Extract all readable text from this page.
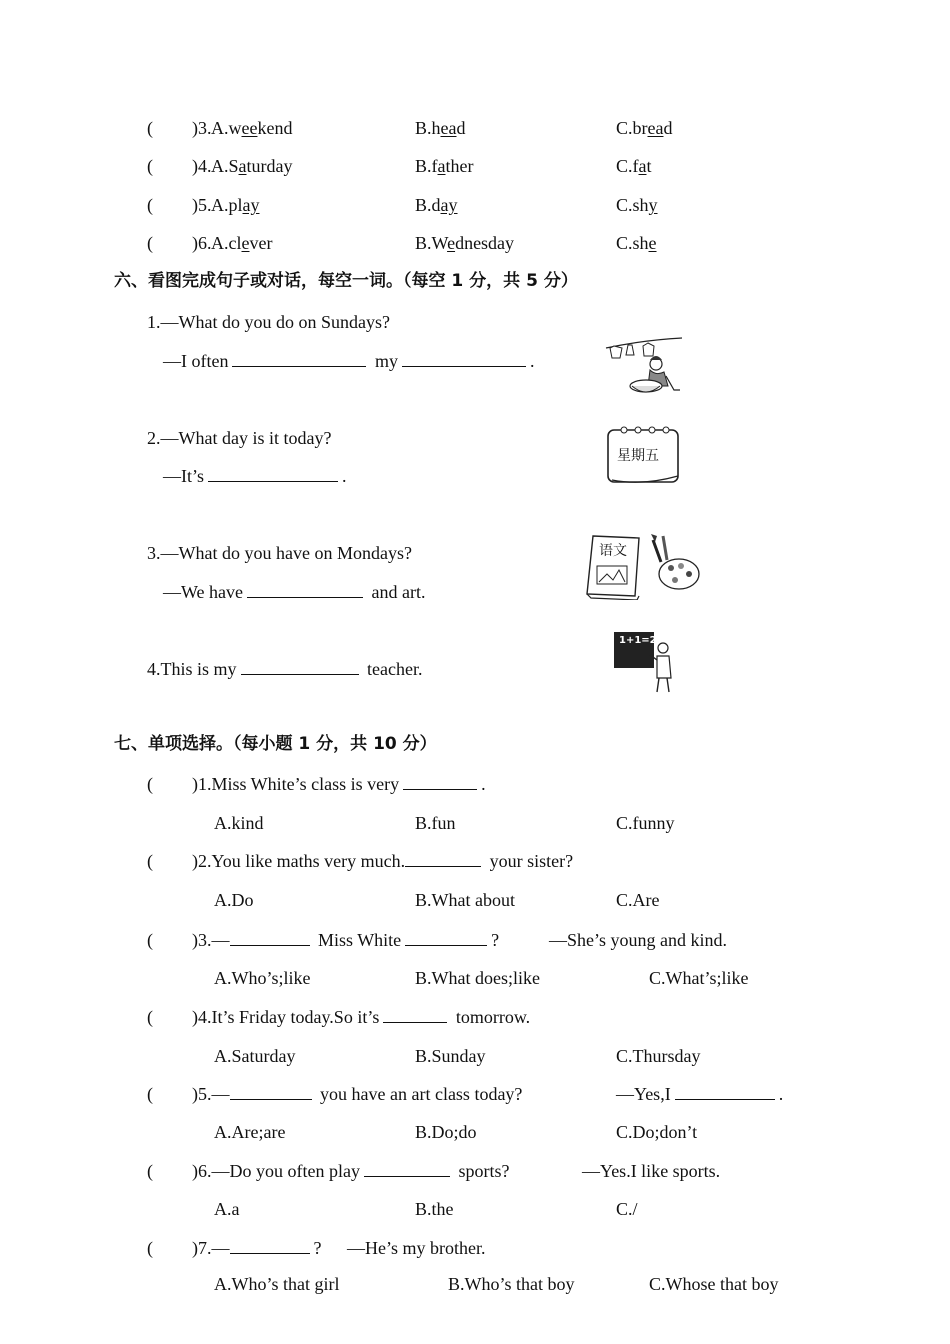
( )3. A.weekend	B.head	C.bread
( )4. A.Saturday	B.father	C.fat
( )5. A.play	B.day	C.shy
( )6. A.clever	B.Wednesday	C.she
六、看图完成句子或对话，每空一词。（每空 1 分，共 5 分）
1.—What do you do on Sundays?
—I often	my	.
2.—What day is it today?
—It’s	.
星期五
3.—What do you have on Mondays?
—We have	and art.
语文
4.This is my	teacher.
1+1=2
七、单项选择。（每小题 1 分，共 10 分）
( )1.Miss White’s class is very	.
A.kind	B.fun	C.funny
( )2.You like maths very much.	your sister?
A.Do	B.What about	C.Are
( )3.—	Miss White	?	—She’s young and kind.
A.Who’s;like	B.What does;like	C.What’s;like
( )4.It’s Friday today.So it’s	tomorrow.
A.Saturday	B.Sunday	C.Thursday
( )5.—	you have an art class today?	—Yes,I	.
A.Are;are	B.Do;do	C.Do;don’t
( )6.—Do you often play	sports?	—Yes.I like sports.
A.a	B.the	C./
( )7.—	? —He’s my brother.
A.Who’s that girl	B.Who’s that boy	C.Whose that boy
